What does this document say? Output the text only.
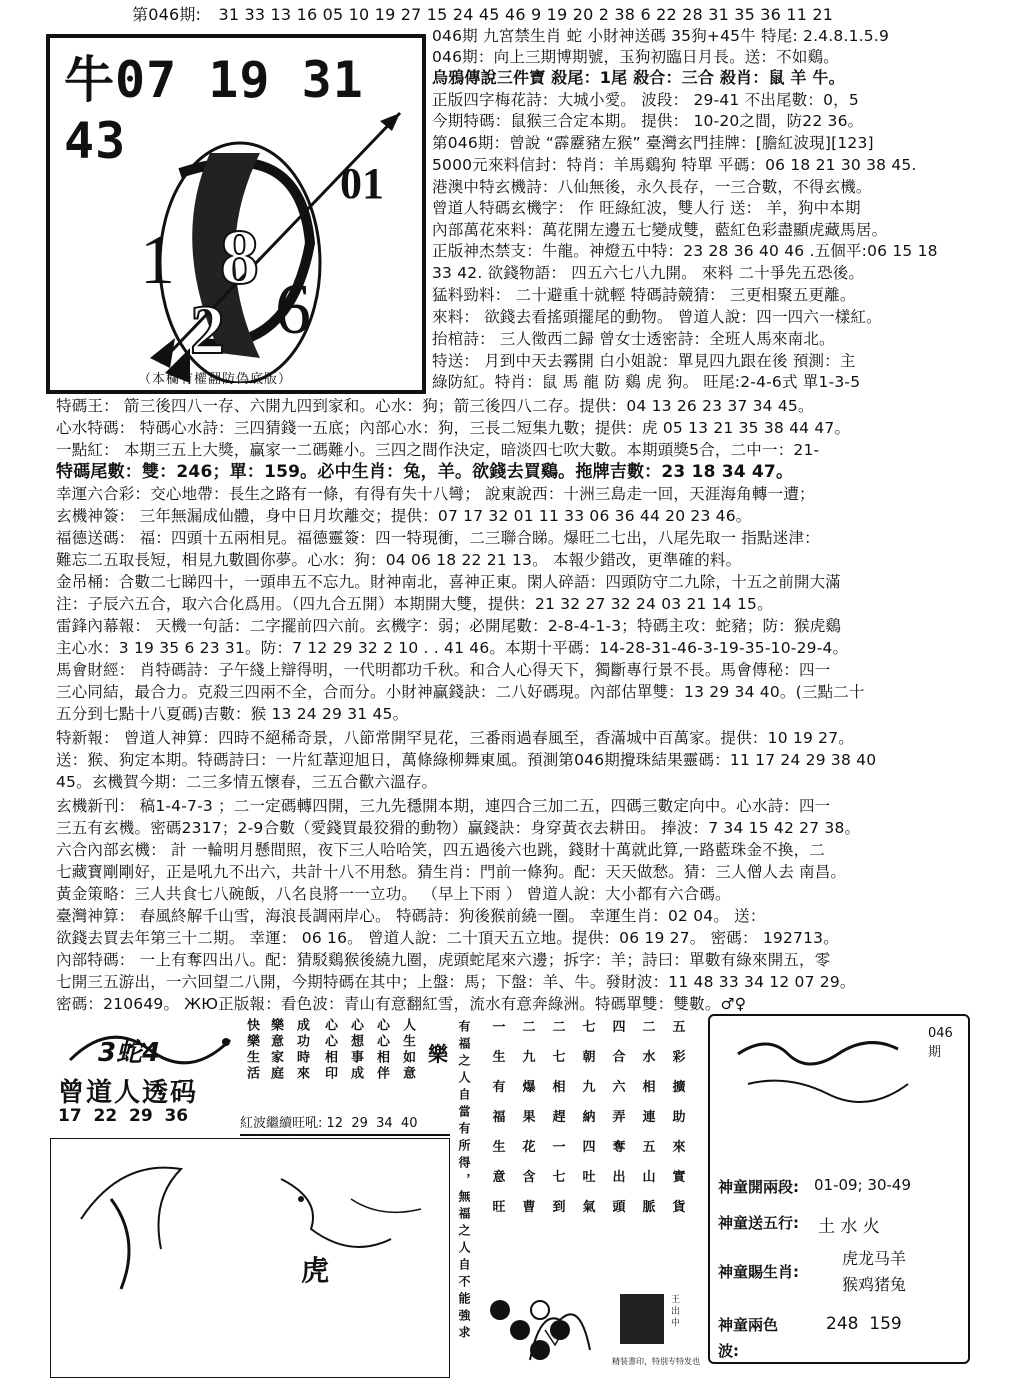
第046期: 31 33 13 16 05 10 19 27 15 24 45 46 9 19 20 2 38 6 22 28 31 35 36 11 21
牛07 19 31 43
01
1 8
2 6
（本欄有權翻防偽底版）
046期 九宮禁生肖 蛇 小財神送碼 35狗+45牛 特尾: 2.4.8.1.5.9
046期：向上三期博期號，玉狗初臨日月長。送：不如鷄。
烏鴉傳說三件寶 殺尾：1尾 殺合：三合 殺肖：鼠 羊 牛。
正版四字梅花詩：大城小愛。 波段： 29-41 不出尾數：0，5
今期特碼：鼠猴三合定本期。 提供： 10-20之間，防22 36。
第046期：曾說 “霹靂豬左猴” 臺灣玄門挂牌：[膽紅波現][123]
5000元來料信封：特肖：羊馬鷄狗 特單 平碼：06 18 21 30 38 45.
港澳中特玄機詩：八仙無後，永久長存，一三合數，不得玄機。
曾道人特碼玄機字： 作 旺綠紅波，雙人行 送： 羊，狗中本期
內部萬花來料：萬花開左邊五七變成雙，藍紅色彩盡顯虎藏馬居。
正版神杰禁支：牛龍。神燈五中特：23 28 36 40 46 .五個平:06 15 18
33 42. 欲錢物語： 四五六七八九開。 來料 二十爭先五恐後。
猛料勁料： 二十避重十就輕 特碼詩競猜： 三更相聚五更離。
來料： 欲錢去看搖頭擺尾的動物。 曾道人說：四一四六一樣紅。
抬棺詩： 三人徵西二歸 曾女士透密詩：全班人馬來南北。
特送： 月到中天去霧開 白小姐說：單見四九跟在後 預測：主
綠防紅。特肖：鼠 馬 龍 防 鷄 虎 狗。 旺尾:2-4-6式 單1-3-5
特碼王： 箭三後四八一存、六開九四到家和。心水：狗；箭三後四八二存。提供：04 13 26 23 37 34 45。
心水特碼： 特碼心水詩：三四猜錢一五底；內部心水：狗，三長二短集九數；提供：虎 05 13 21 35 38 44 47。
一點紅： 本期三五上大獎，贏家一二碼難小。三四之間作決定，暗淡四七吹大數。本期頭獎5合，二中一：21-
特碼尾數：雙：246；單：159。必中生肖：兔，羊。欲錢去買鷄。拖牌吉數：23 18 34 47。
幸運六合彩：交心地帶：長生之路有一條，有得有失十八彎； 說東說西：十洲三島走一回，天涯海角轉一遭；
玄機神簽： 三年無漏成仙體，身中日月坎離交；提供：07 17 32 01 11 33 06 36 44 20 23 46。
福德送碼： 福：四頭十五兩相見。福德靈簽：四一特現衝，二三聯合睇。爆旺二七出，八尾先取一 指點迷津：
難忘二五取長短，相見九數圓你夢。心水：狗：04 06 18 22 21 13。 本報少錯改，更準確的料。
金吊桶：合數二七睇四十，一頭串五不忘九。財神南北，喜神正東。閑人碎語：四頭防守二九除，十五之前開大滿
注：子辰六五合，取六合化爲用。（四九合五開）本期開大雙，提供：21 32 27 32 24 03 21 14 15。
雷鋒內幕報： 天機一句話：二字擺前四六前。玄機字：弱；必開尾數：2-8-4-1-3；特碼主攻：蛇豬；防：猴虎鷄
主心水：3 19 35 6 23 31。防：7 12 29 32 2 10 . . 41 46。本期十平碼：14-28-31-46-3-19-35-10-29-4。
馬會財經： 肖特碼詩：子午綫上辯得明，一代明都功千秋。和合人心得天下，獨斷專行景不長。馬會傳秘：四一
三心同結，最合力。克殺三四兩不全，合而分。小財神贏錢訣：二八好碼現。內部估單雙：13 29 34 40。(三點二十
五分到七點十八夏碼)吉數：猴 13 24 29 31 45。
特新報： 曾道人神算：四時不絕稀奇景，八節常開罕見花，三番雨過春風至，香滿城中百萬家。提供：10 19 27。
送：猴、狗定本期。特碼詩曰：一片紅葦迎旭日，萬條綠柳舞東風。預測第046期攪珠結果靈碼：11 17 24 29 38 40
45。玄機賀今期：二三多情五懷春，三五合歡六溫存。
玄機新刊： 稿1-4-7-3 ；二一定碼轉四開，三九先穩開本期，連四合三加二五，四碼三數定向中。心水詩：四一
三五有玄機。密碼2317；2-9合數（愛錢買最狡猾的動物）贏錢訣：身穿黃衣去耕田。 捧波：7 34 15 42 27 38。
六合內部玄機： 計 一輪明月懸間照，夜下三人哈哈笑，四五過後六也跳，錢財十萬就此算,一路藍珠金不換，二
七藏寶剛剛好，正是吼九不出六，共計十八不用愁。猜生肖：門前一條狗。配：天天做愁。猜：三人僧人去 南昌。
黃金策略：三人共食七八碗飯，八名良將一一立功。 （早上下雨 ） 曾道人說：大小都有六合碼。
臺灣神算： 春風終解千山雪，海浪長調兩岸心。 特碼詩：狗後猴前繞一圈。 幸運生肖：02 04。 送：
欲錢去買去年第三十二期。 幸運： 06 16。 曾道人說：二十頂天五立地。提供：06 19 27。 密碼： 192713。
內部特碼： 一上有奪四出八。配：猜駁鷄猴後繞九圈，虎頭蛇尾來六邊；拆字：羊；詩曰：單數有綠來開五，零
七開三五游出，一六回望二八開，今期特碼在其中；上盤：馬；下盤：羊、牛。發財波：11 48 33 34 12 07 29。
密碼：210649。 ЖЮ正版報：看色波：青山有意翻紅雪，流水有意奔綠洲。特碼單雙：雙數。♂♀
3蛇4
曾道人透码
17  22  29  36
快樂生活 樂意家庭 成功時來 心心相印 心想事成 心心相伴 人生如意 樂
紅波繼續旺吼: 12  29  34  40	有福之人自當有所得，無福之人自不能強求	一	二	二	七	四	二	五
生	九	七	朝	合	水	彩
有	爆	相	九	六	相	擴
福	果	趕	納	弄	連	助
生	花	一	四	奪	五	來
意	含	七	吐	出	山	實
旺	曹	到	氣	頭	脈	貨
虎
王 出 中
精装書印，特別专特发也
046
期
神童開兩段: 01-09; 30-49
神童送五行: 土 水 火
神童賜生肖:
虎龙马羊
猴鸡猪兔
神童兩色波:
248  159
